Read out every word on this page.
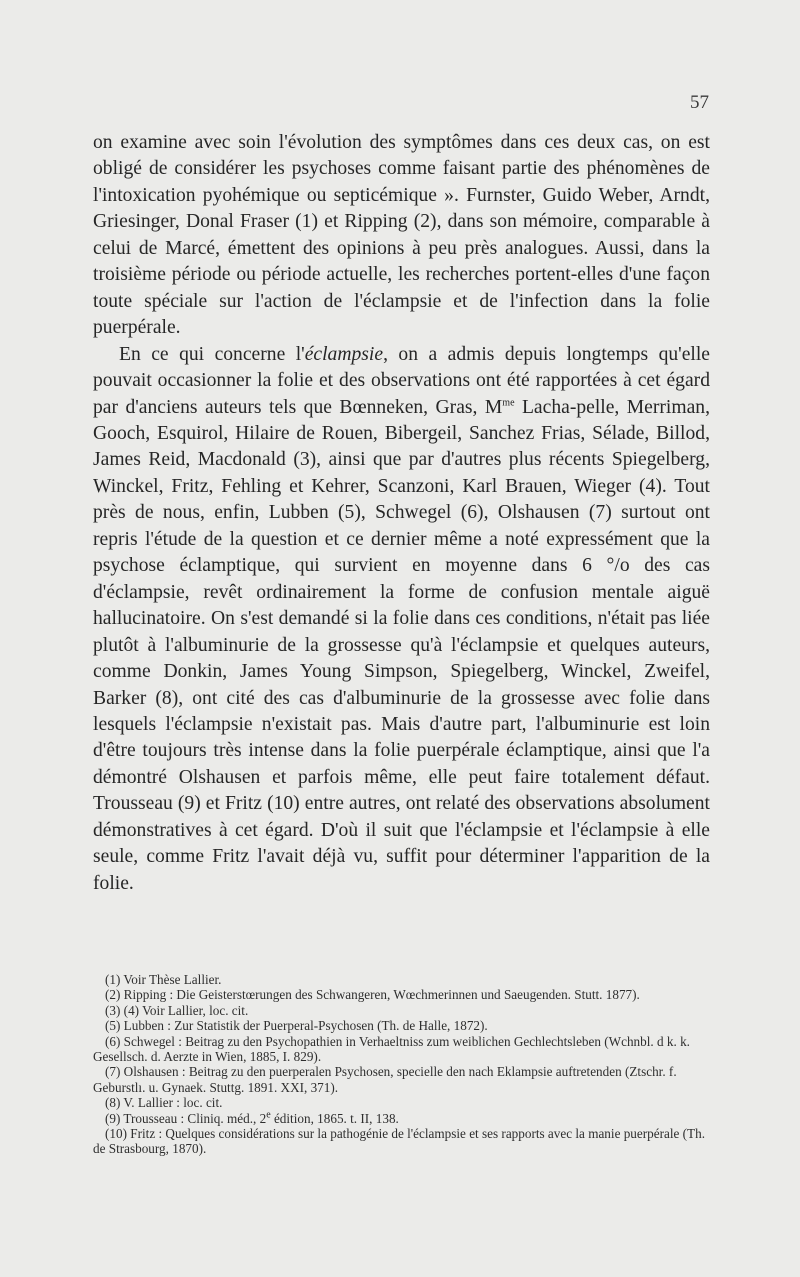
57

on examine avec soin l'évolution des symptômes dans ces deux cas, on est obligé de considérer les psychoses comme faisant partie des phénomènes de l'intoxication pyohémique ou septicémique ». Furnster, Guido Weber, Arndt, Griesinger, Donal Fraser (1) et Ripping (2), dans son mémoire, comparable à celui de Marcé, émettent des opinions à peu près analogues. Aussi, dans la troisième période ou période actuelle, les recherches portent-elles d'une façon toute spéciale sur l'action de l'éclampsie et de l'infection dans la folie puerpérale.

En ce qui concerne l'éclampsie, on a admis depuis longtemps qu'elle pouvait occasionner la folie et des observations ont été rapportées à cet égard par d'anciens auteurs tels que Bœnneken, Gras, $M^{me}$ Lacha-pelle, Merriman, Gooch, Esquirol, Hilaire de Rouen, Bibergeil, Sanchez Frias, Sélade, Billod, James Reid, Macdonald (3), ainsi que par d'autres plus récents Spiegelberg, Winckel, Fritz, Fehling et Kehrer, Scanzoni, Karl Brauen, Wieger (4). Tout près de nous, enfin, Lubben (5), Schwegel (6), Olshausen (7) surtout ont repris l'étude de la question et ce dernier même a noté expressément que la psychose éclamptique, qui survient en moyenne dans 6 °/o des cas d'éclampsie, revêt ordinairement la forme de confusion mentale aiguë hallucinatoire. On s'est demandé si la folie dans ces conditions, n'était pas liée plutôt à l'albuminurie de la grossesse qu'à l'éclampsie et quelques auteurs, comme Donkin, James Young Simpson, Spiegelberg, Winckel, Zweifel, Barker (8), ont cité des cas d'albuminurie de la grossesse avec folie dans lesquels l'éclampsie n'existait pas. Mais d'autre part, l'albuminurie est loin d'être toujours très intense dans la folie puerpérale éclamptique, ainsi que l'a démontré Olshausen et parfois même, elle peut faire totalement défaut. Trousseau (9) et Fritz (10) entre autres, ont relaté des observations absolument démonstratives à cet égard. D'où il suit que l'éclampsie et l'éclampsie à elle seule, comme Fritz l'avait déjà vu, suffit pour déterminer l'apparition de la folie.

(1) Voir Thèse Lallier.

(2) Ripping : Die Geisterstœrungen des Schwangeren, Wœchmerinnen und Saeugenden. Stutt. 1877).

(3) (4) Voir Lallier, loc. cit.

(5) Lubben : Zur Statistik der Puerperal-Psychosen (Th. de Halle, 1872).

(6) Schwegel : Beitrag zu den Psychopathien in Verhaeltniss zum weiblichen Gechlechtsleben (Wchnbl. d k. k. Gesellsch. d. Aerzte in Wien, 1885, I. 829).

(7) Olshausen : Beitrag zu den puerperalen Psychosen, specielle den nach Eklampsie auftretenden (Ztschr. f. Geburstlı. u. Gynaek. Stuttg. 1891. XXI, 371).

(8) V. Lallier : loc. cit.

(9) Trousseau : Cliniq. méd., 2e édition, 1865. t. II, 138.

(10) Fritz : Quelques considérations sur la pathogénie de l'éclampsie et ses rapports avec la manie puerpérale (Th. de Strasbourg, 1870).
